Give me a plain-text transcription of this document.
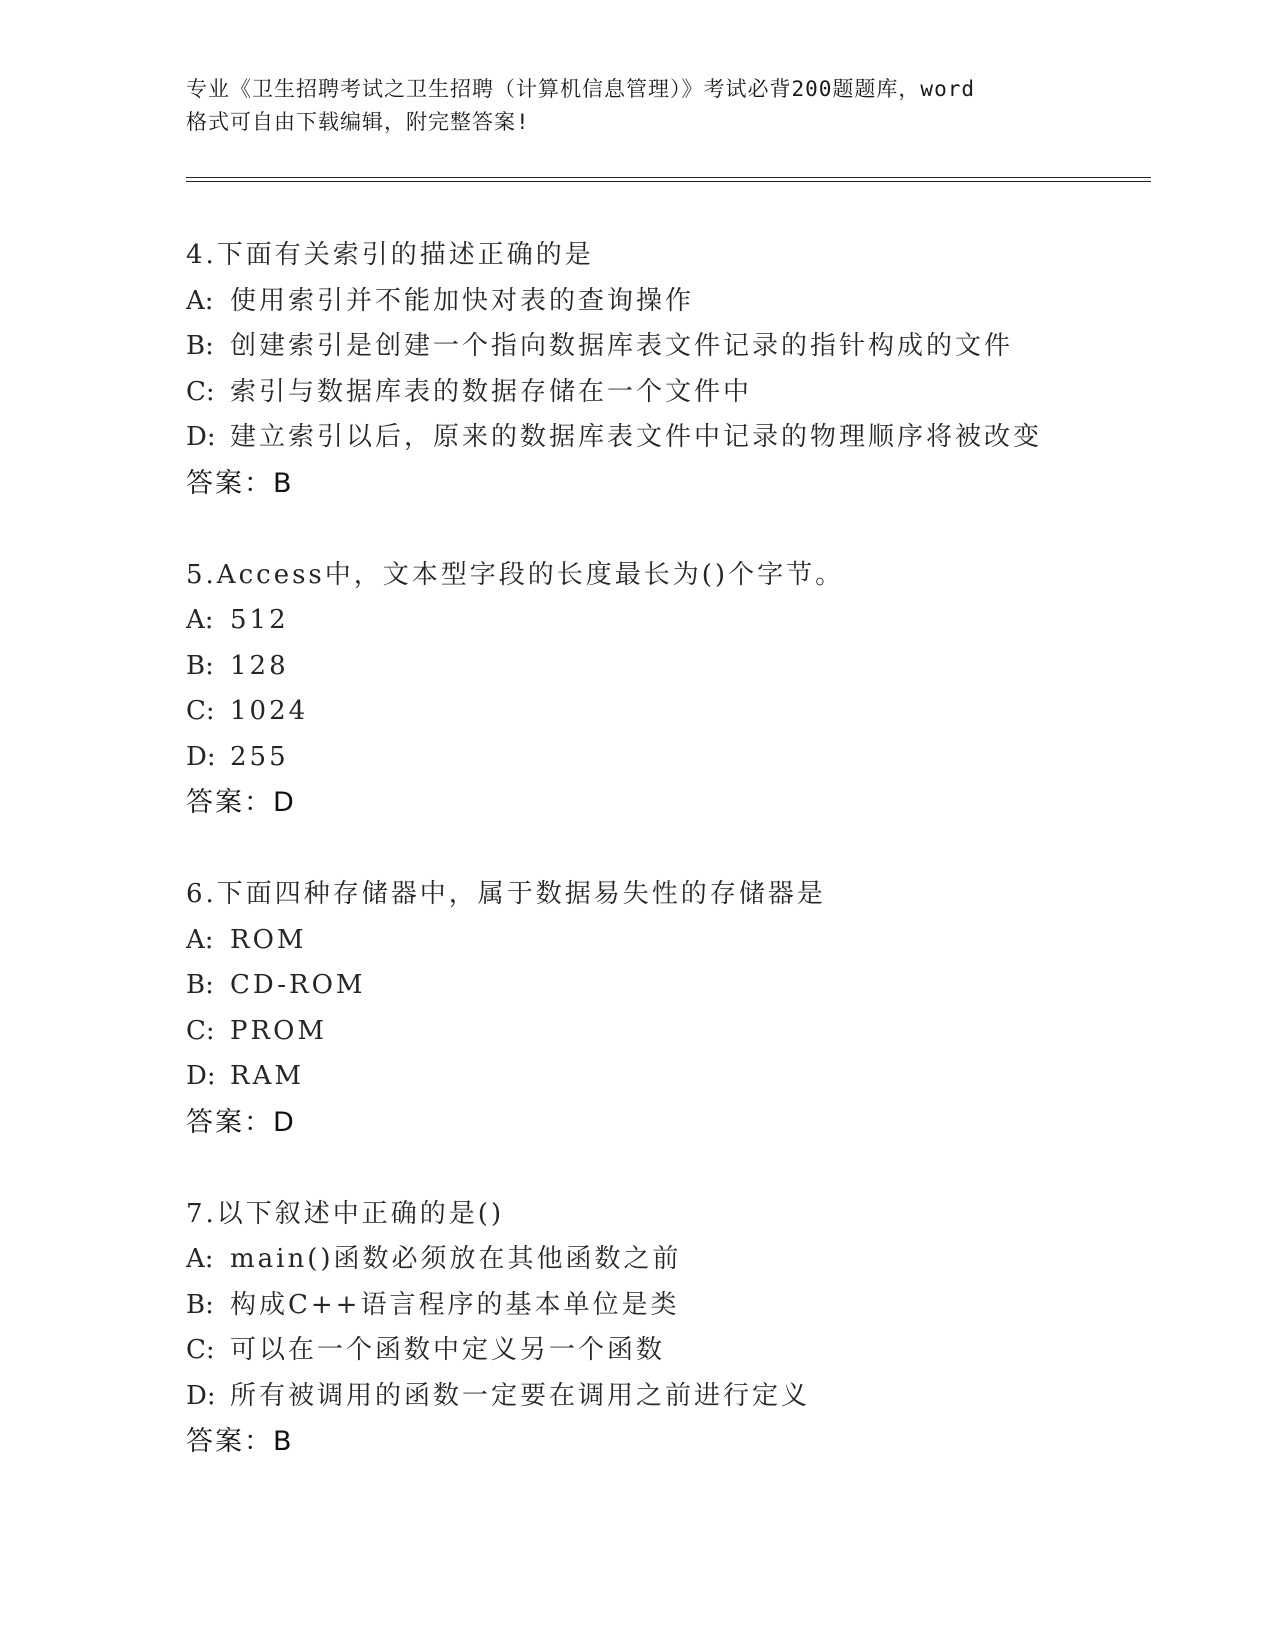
专业《卫生招聘考试之卫生招聘（计算机信息管理）》考试必背200题题库，word
格式可自由下载编辑，附完整答案!
4.下面有关索引的描述正确的是
A: 使用索引并不能加快对表的查询操作
B: 创建索引是创建一个指向数据库表文件记录的指针构成的文件
C: 索引与数据库表的数据存储在一个文件中
D: 建立索引以后，原来的数据库表文件中记录的物理顺序将被改变
答案：B
5.Access中，文本型字段的长度最长为()个字节。
A: 512
B: 128
C: 1024
D: 255
答案：D
6.下面四种存储器中，属于数据易失性的存储器是
A: ROM
B: CD-ROM
C: PROM
D: RAM
答案：D
7.以下叙述中正确的是()
A: main()函数必须放在其他函数之前
B: 构成C++语言程序的基本单位是类
C: 可以在一个函数中定义另一个函数
D: 所有被调用的函数一定要在调用之前进行定义
答案：B
